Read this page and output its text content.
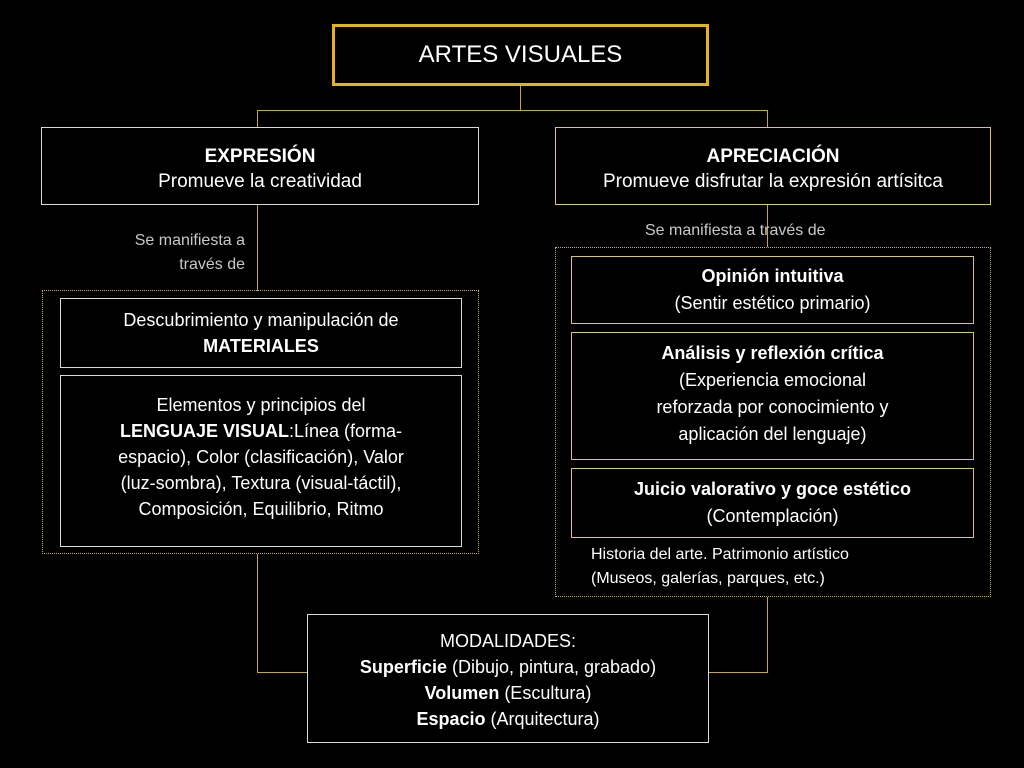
ARTES VISUALES
EXPRESIÓN
Promueve la creatividad
Se manifiesta a
través de
Descubrimiento y manipulación de
MATERIALES
Elementos y principios del
LENGUAJE VISUAL:Línea (forma-
espacio), Color (clasificación), Valor
(luz-sombra), Textura (visual-táctil),
Composición, Equilibrio, Ritmo
APRECIACIÓN
Promueve disfrutar la expresión artísitca
Se manifiesta a través de
Opinión intuitiva
(Sentir estético primario)
Análisis y reflexión crítica
(Experiencia emocional
reforzada por conocimiento y
aplicación del lenguaje)
Juicio valorativo y goce estético
(Contemplación)
Historia del arte. Patrimonio artístico
(Museos, galerías, parques, etc.)
MODALIDADES:
Superficie (Dibujo, pintura, grabado)
Volumen (Escultura)
Espacio (Arquitectura)
